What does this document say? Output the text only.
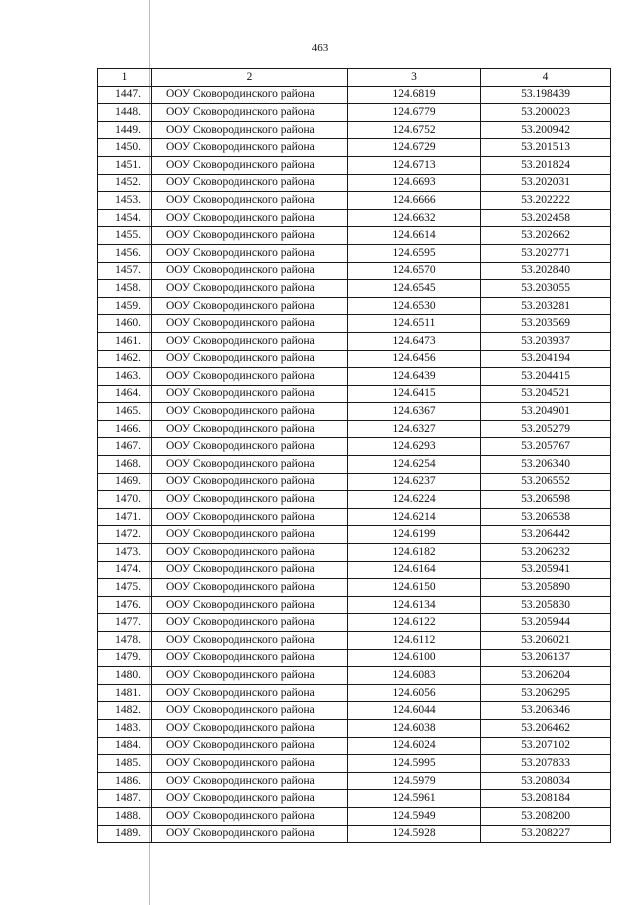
463
1	2	3	4
1447.	ООУ Сковородинского района	124.6819	53.198439
1448.	ООУ Сковородинского района	124.6779	53.200023
1449.	ООУ Сковородинского района	124.6752	53.200942
1450.	ООУ Сковородинского района	124.6729	53.201513
1451.	ООУ Сковородинского района	124.6713	53.201824
1452.	ООУ Сковородинского района	124.6693	53.202031
1453.	ООУ Сковородинского района	124.6666	53.202222
1454.	ООУ Сковородинского района	124.6632	53.202458
1455.	ООУ Сковородинского района	124.6614	53.202662
1456.	ООУ Сковородинского района	124.6595	53.202771
1457.	ООУ Сковородинского района	124.6570	53.202840
1458.	ООУ Сковородинского района	124.6545	53.203055
1459.	ООУ Сковородинского района	124.6530	53.203281
1460.	ООУ Сковородинского района	124.6511	53.203569
1461.	ООУ Сковородинского района	124.6473	53.203937
1462.	ООУ Сковородинского района	124.6456	53.204194
1463.	ООУ Сковородинского района	124.6439	53.204415
1464.	ООУ Сковородинского района	124.6415	53.204521
1465.	ООУ Сковородинского района	124.6367	53.204901
1466.	ООУ Сковородинского района	124.6327	53.205279
1467.	ООУ Сковородинского района	124.6293	53.205767
1468.	ООУ Сковородинского района	124.6254	53.206340
1469.	ООУ Сковородинского района	124.6237	53.206552
1470.	ООУ Сковородинского района	124.6224	53.206598
1471.	ООУ Сковородинского района	124.6214	53.206538
1472.	ООУ Сковородинского района	124.6199	53.206442
1473.	ООУ Сковородинского района	124.6182	53.206232
1474.	ООУ Сковородинского района	124.6164	53.205941
1475.	ООУ Сковородинского района	124.6150	53.205890
1476.	ООУ Сковородинского района	124.6134	53.205830
1477.	ООУ Сковородинского района	124.6122	53.205944
1478.	ООУ Сковородинского района	124.6112	53.206021
1479.	ООУ Сковородинского района	124.6100	53.206137
1480.	ООУ Сковородинского района	124.6083	53.206204
1481.	ООУ Сковородинского района	124.6056	53.206295
1482.	ООУ Сковородинского района	124.6044	53.206346
1483.	ООУ Сковородинского района	124.6038	53.206462
1484.	ООУ Сковородинского района	124.6024	53.207102
1485.	ООУ Сковородинского района	124.5995	53.207833
1486.	ООУ Сковородинского района	124.5979	53.208034
1487.	ООУ Сковородинского района	124.5961	53.208184
1488.	ООУ Сковородинского района	124.5949	53.208200
1489.	ООУ Сковородинского района	124.5928	53.208227
